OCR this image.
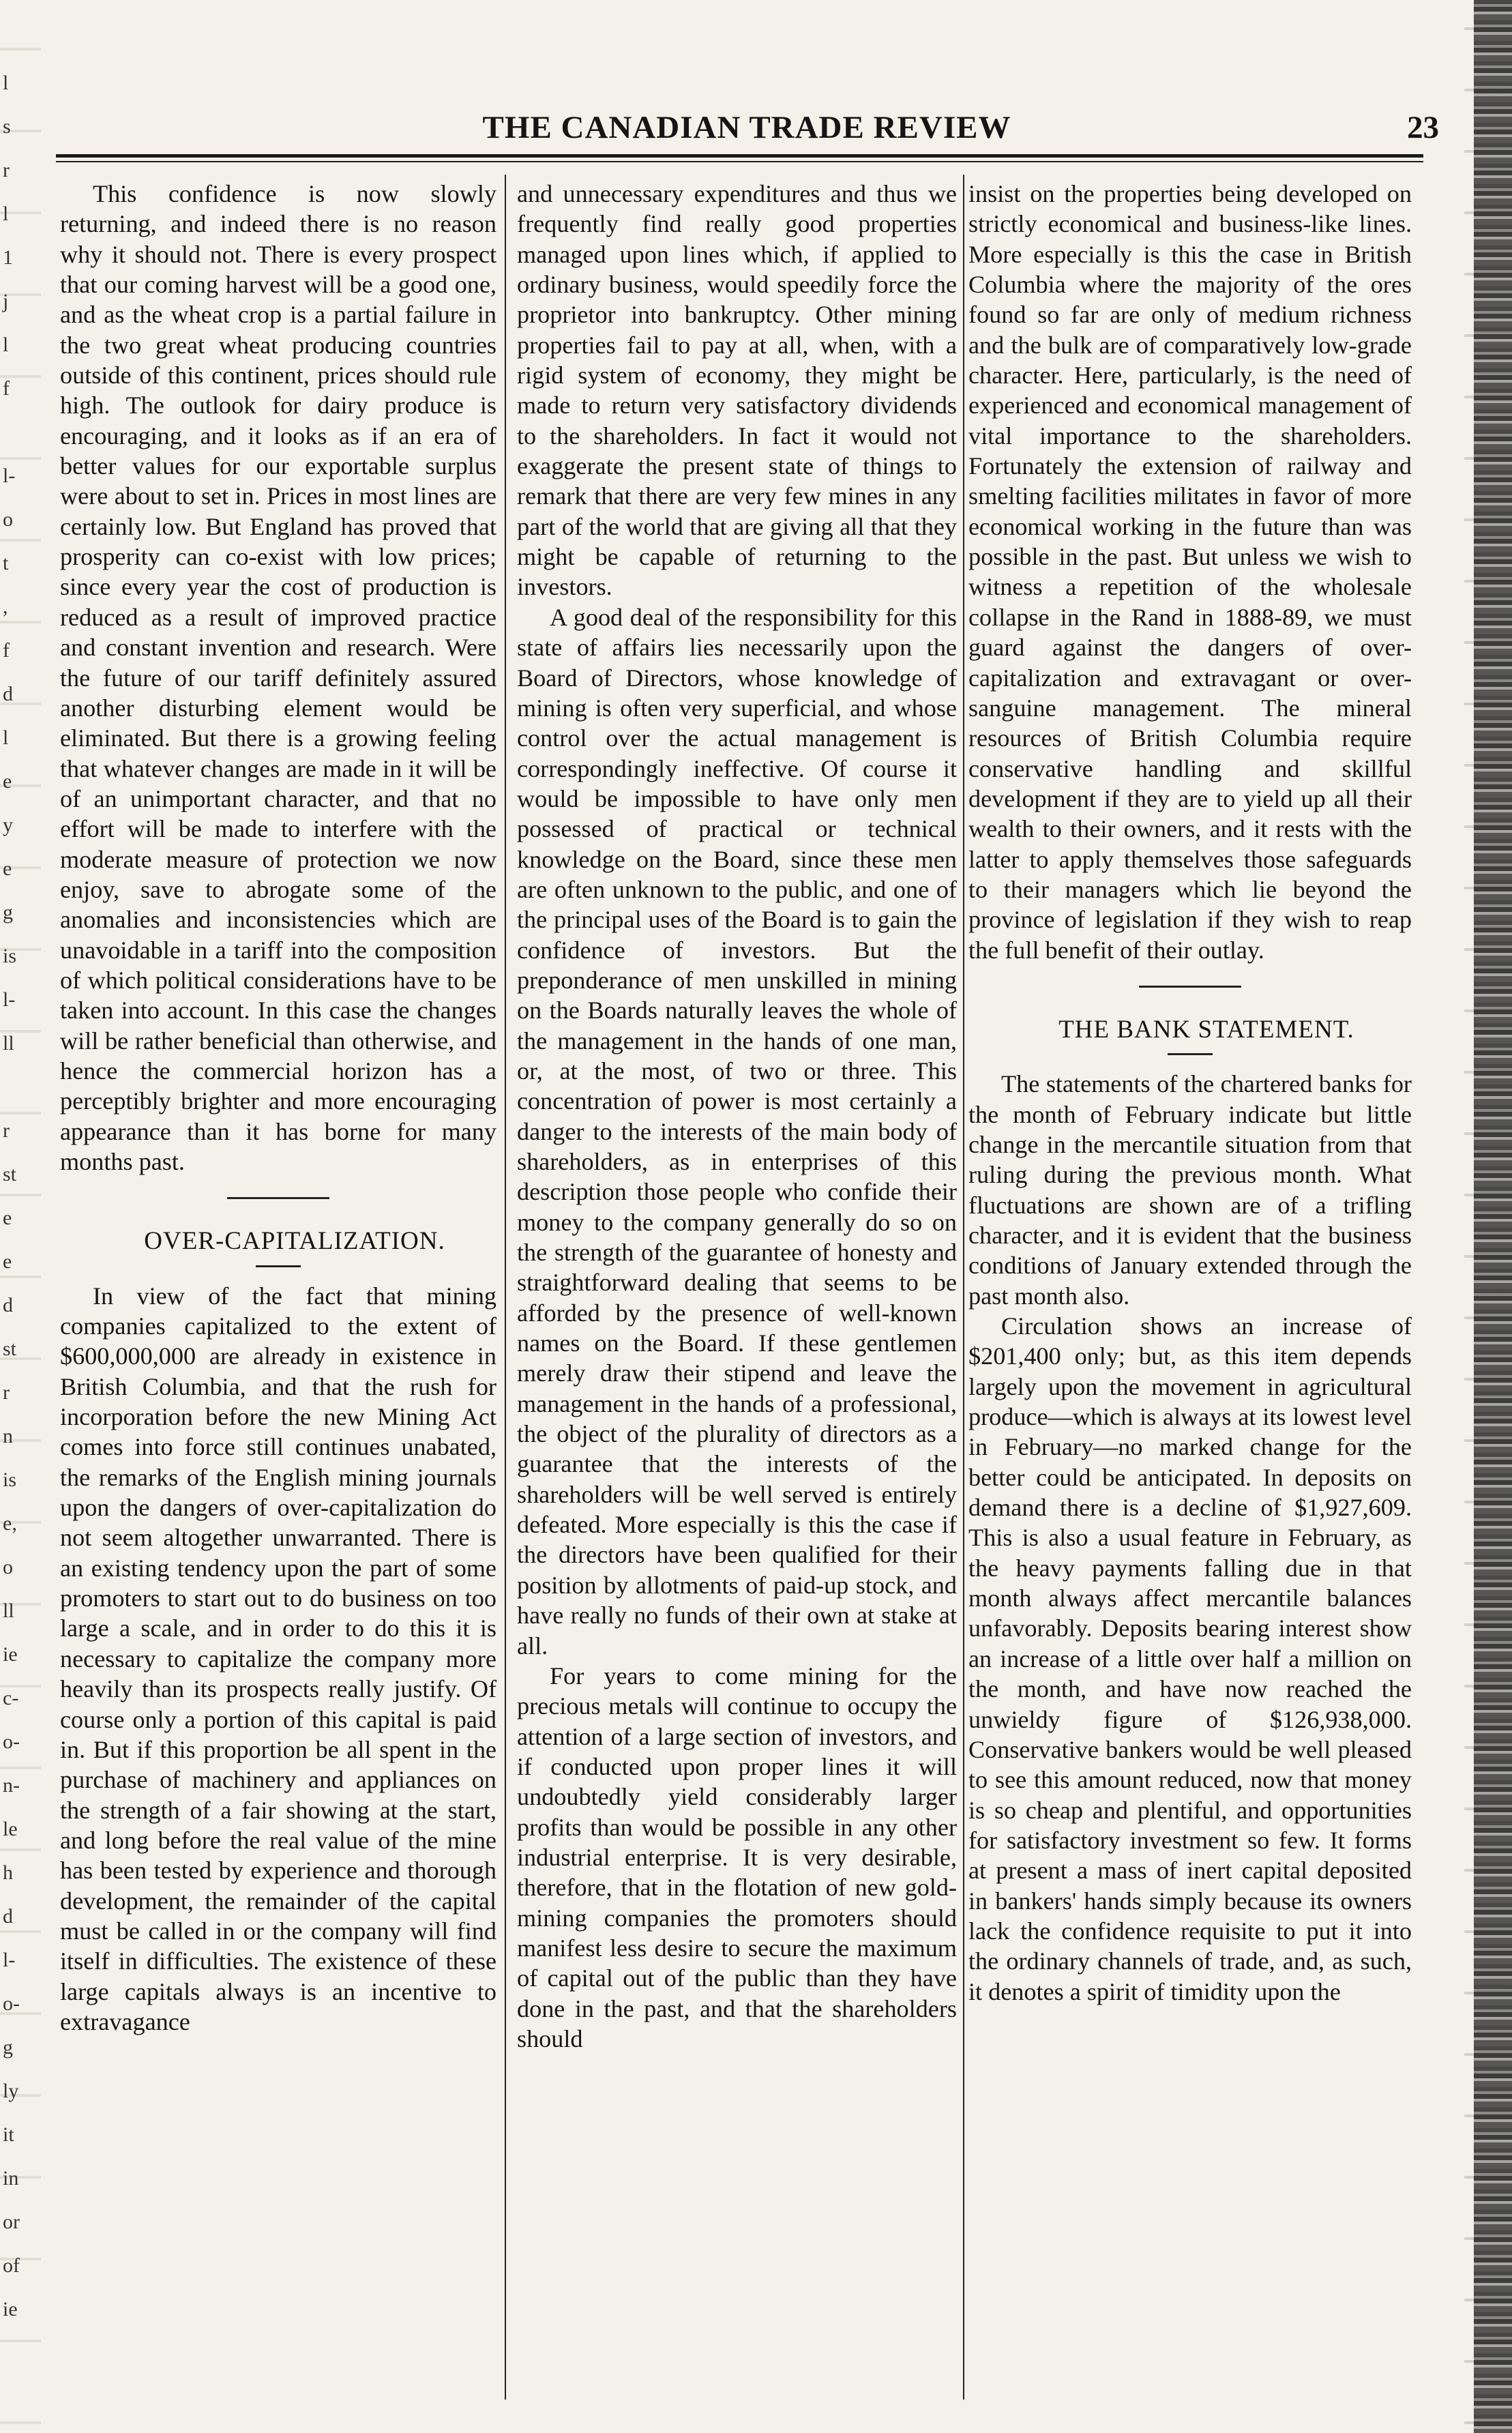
l
s
r
l
1
j
l
f

l-
o
t
,
f
d
l
e
y
e
g
is
l-
ll

r
st
e
e
d
st
r
n
is
e,
o
ll
ie
c-
o-
n-
le
h
d
l-
o-
g
ly
it
in
or
of
ie
THE CANADIAN TRADE REVIEW	23

This confidence is now slowly returning, and indeed there is no reason why it should not. There is every prospect that our coming harvest will be a good one, and as the wheat crop is a partial failure in the two great wheat producing countries outside of this continent, prices should rule high. The outlook for dairy produce is encouraging, and it looks as if an era of better values for our exportable surplus were about to set in. Prices in most lines are certainly low. But England has proved that prosperity can co-exist with low prices; since every year the cost of production is reduced as a result of improved practice and constant invention and research. Were the future of our tariff definitely assured another disturbing element would be eliminated. But there is a growing feeling that whatever changes are made in it will be of an unimportant character, and that no effort will be made to interfere with the moderate measure of protection we now enjoy, save to abrogate some of the anomalies and inconsistencies which are unavoidable in a tariff into the composition of which political considerations have to be taken into account. In this case the changes will be rather beneficial than otherwise, and hence the commercial horizon has a perceptibly brighter and more encouraging appearance than it has borne for many months past.

OVER-CAPITALIZATION.

In view of the fact that mining companies capitalized to the extent of $600,000,000 are already in existence in British Columbia, and that the rush for incorporation before the new Mining Act comes into force still continues unabated, the remarks of the English mining journals upon the dangers of over-capitalization do not seem altogether unwarranted. There is an existing tendency upon the part of some promoters to start out to do business on too large a scale, and in order to do this it is necessary to capitalize the company more heavily than its prospects really justify. Of course only a portion of this capital is paid in. But if this proportion be all spent in the purchase of machinery and appliances on the strength of a fair showing at the start, and long before the real value of the mine has been tested by experience and thorough development, the remainder of the capital must be called in or the company will find itself in difficulties. The existence of these large capitals always is an incentive to extravagance

and unnecessary expenditures and thus we frequently find really good properties managed upon lines which, if applied to ordinary business, would speedily force the proprietor into bankruptcy. Other mining properties fail to pay at all, when, with a rigid system of economy, they might be made to return very satisfactory dividends to the shareholders. In fact it would not exaggerate the present state of things to remark that there are very few mines in any part of the world that are giving all that they might be capable of returning to the investors.

A good deal of the responsibility for this state of affairs lies necessarily upon the Board of Directors, whose knowledge of mining is often very superficial, and whose control over the actual management is correspondingly ineffective. Of course it would be impossible to have only men possessed of practical or technical knowledge on the Board, since these men are often unknown to the public, and one of the principal uses of the Board is to gain the confidence of investors. But the preponderance of men unskilled in mining on the Boards naturally leaves the whole of the management in the hands of one man, or, at the most, of two or three. This concentration of power is most certainly a danger to the interests of the main body of shareholders, as in enterprises of this description those people who confide their money to the company generally do so on the strength of the guarantee of honesty and straightforward dealing that seems to be afforded by the presence of well-known names on the Board. If these gentlemen merely draw their stipend and leave the management in the hands of a professional, the object of the plurality of directors as a guarantee that the interests of the shareholders will be well served is entirely defeated. More especially is this the case if the directors have been qualified for their position by allotments of paid-up stock, and have really no funds of their own at stake at all.

For years to come mining for the precious metals will continue to occupy the attention of a large section of investors, and if conducted upon proper lines it will undoubtedly yield considerably larger profits than would be possible in any other industrial enterprise. It is very desirable, therefore, that in the flotation of new gold-mining companies the promoters should manifest less desire to secure the maximum of capital out of the public than they have done in the past, and that the shareholders should

insist on the properties being developed on strictly economical and business-like lines. More especially is this the case in British Columbia where the majority of the ores found so far are only of medium richness and the bulk are of comparatively low-grade character. Here, particularly, is the need of experienced and economical management of vital importance to the shareholders. Fortunately the extension of railway and smelting facilities militates in favor of more economical working in the future than was possible in the past. But unless we wish to witness a repetition of the wholesale collapse in the Rand in 1888-89, we must guard against the dangers of over-capitalization and extravagant or over-sanguine management. The mineral resources of British Columbia require conservative handling and skillful development if they are to yield up all their wealth to their owners, and it rests with the latter to apply themselves those safeguards to their managers which lie beyond the province of legislation if they wish to reap the full benefit of their outlay.

THE BANK STATEMENT.

The statements of the chartered banks for the month of February indicate but little change in the mercantile situation from that ruling during the previous month. What fluctuations are shown are of a trifling character, and it is evident that the business conditions of January extended through the past month also.

Circulation shows an increase of $201,400 only; but, as this item depends largely upon the movement in agricultural produce—which is always at its lowest level in February—no marked change for the better could be anticipated. In deposits on demand there is a decline of $1,927,609. This is also a usual feature in February, as the heavy payments falling due in that month always affect mercantile balances unfavorably. Deposits bearing interest show an increase of a little over half a million on the month, and have now reached the unwieldy figure of $126,938,000. Conservative bankers would be well pleased to see this amount reduced, now that money is so cheap and plentiful, and opportunities for satisfactory investment so few. It forms at present a mass of inert capital deposited in bankers' hands simply because its owners lack the confidence requisite to put it into the ordinary channels of trade, and, as such, it denotes a spirit of timidity upon the
